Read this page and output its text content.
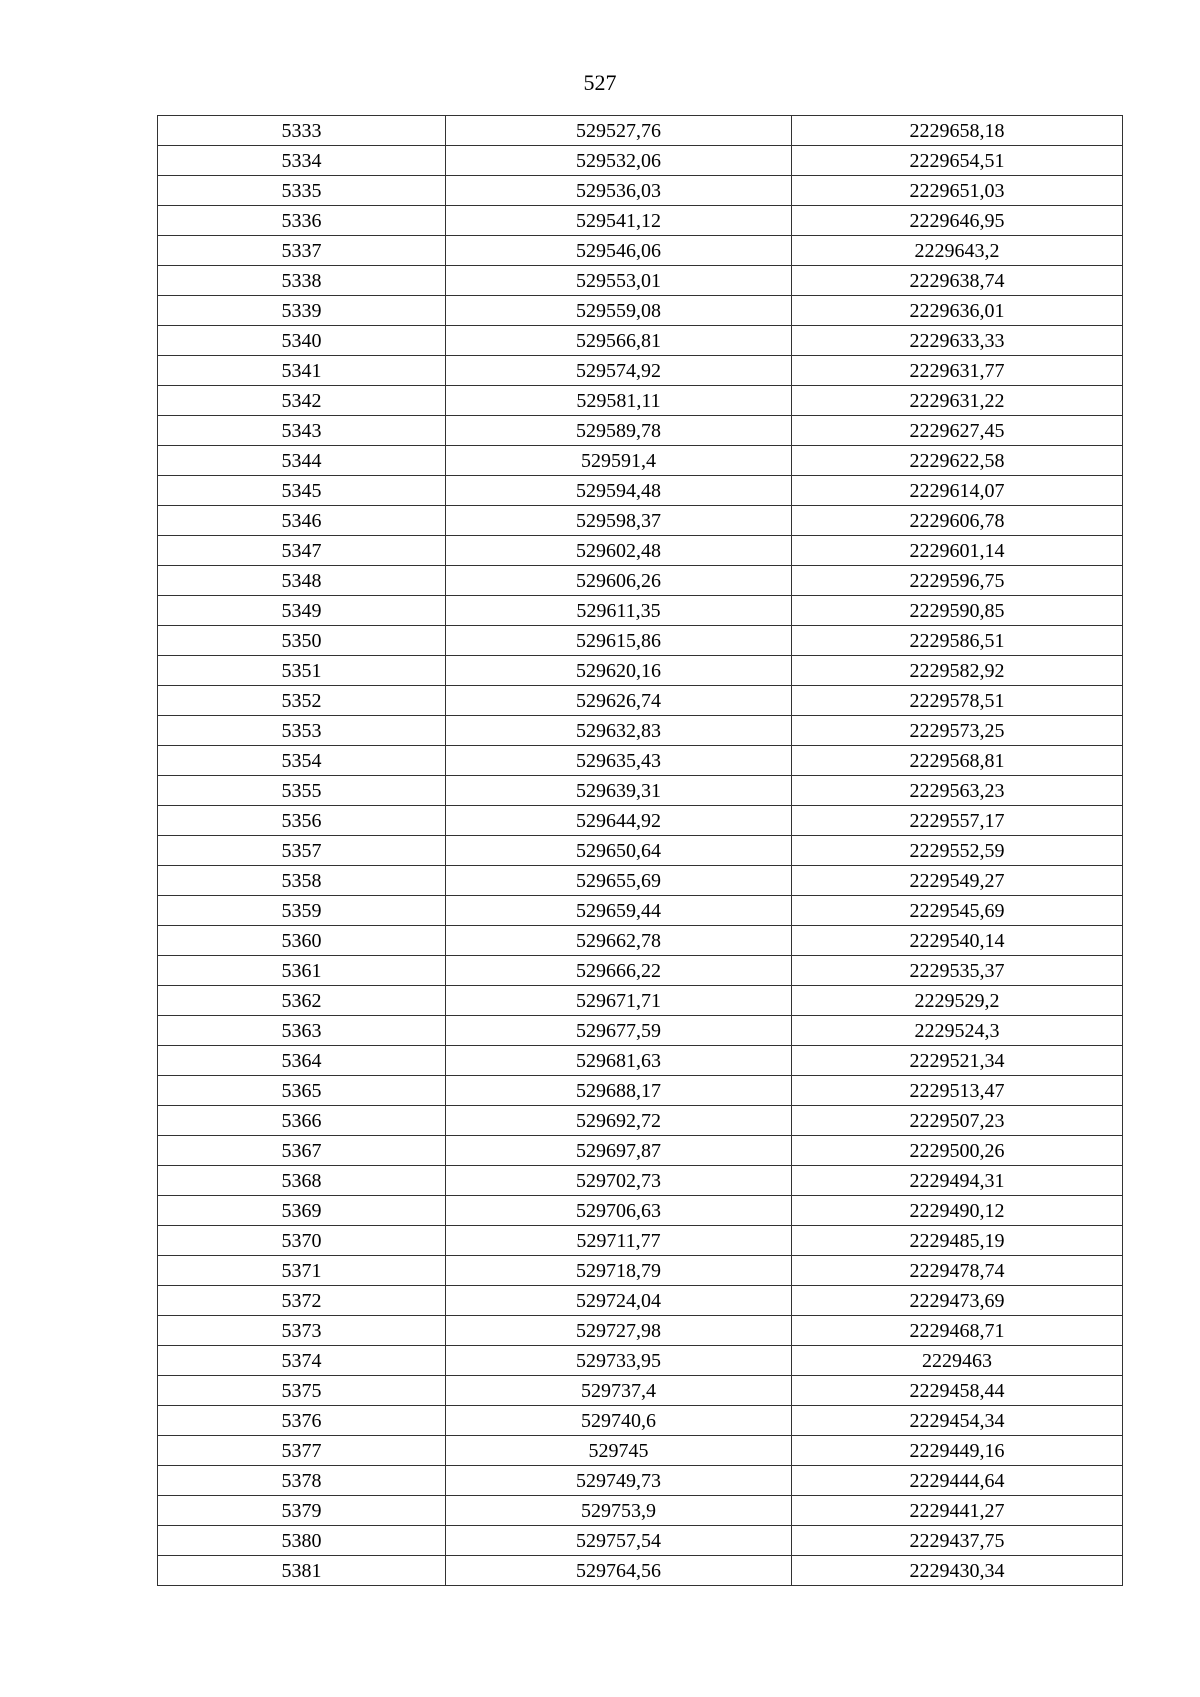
527
5333	529527,76	2229658,18
5334	529532,06	2229654,51
5335	529536,03	2229651,03
5336	529541,12	2229646,95
5337	529546,06	2229643,2
5338	529553,01	2229638,74
5339	529559,08	2229636,01
5340	529566,81	2229633,33
5341	529574,92	2229631,77
5342	529581,11	2229631,22
5343	529589,78	2229627,45
5344	529591,4	2229622,58
5345	529594,48	2229614,07
5346	529598,37	2229606,78
5347	529602,48	2229601,14
5348	529606,26	2229596,75
5349	529611,35	2229590,85
5350	529615,86	2229586,51
5351	529620,16	2229582,92
5352	529626,74	2229578,51
5353	529632,83	2229573,25
5354	529635,43	2229568,81
5355	529639,31	2229563,23
5356	529644,92	2229557,17
5357	529650,64	2229552,59
5358	529655,69	2229549,27
5359	529659,44	2229545,69
5360	529662,78	2229540,14
5361	529666,22	2229535,37
5362	529671,71	2229529,2
5363	529677,59	2229524,3
5364	529681,63	2229521,34
5365	529688,17	2229513,47
5366	529692,72	2229507,23
5367	529697,87	2229500,26
5368	529702,73	2229494,31
5369	529706,63	2229490,12
5370	529711,77	2229485,19
5371	529718,79	2229478,74
5372	529724,04	2229473,69
5373	529727,98	2229468,71
5374	529733,95	2229463
5375	529737,4	2229458,44
5376	529740,6	2229454,34
5377	529745	2229449,16
5378	529749,73	2229444,64
5379	529753,9	2229441,27
5380	529757,54	2229437,75
5381	529764,56	2229430,34
